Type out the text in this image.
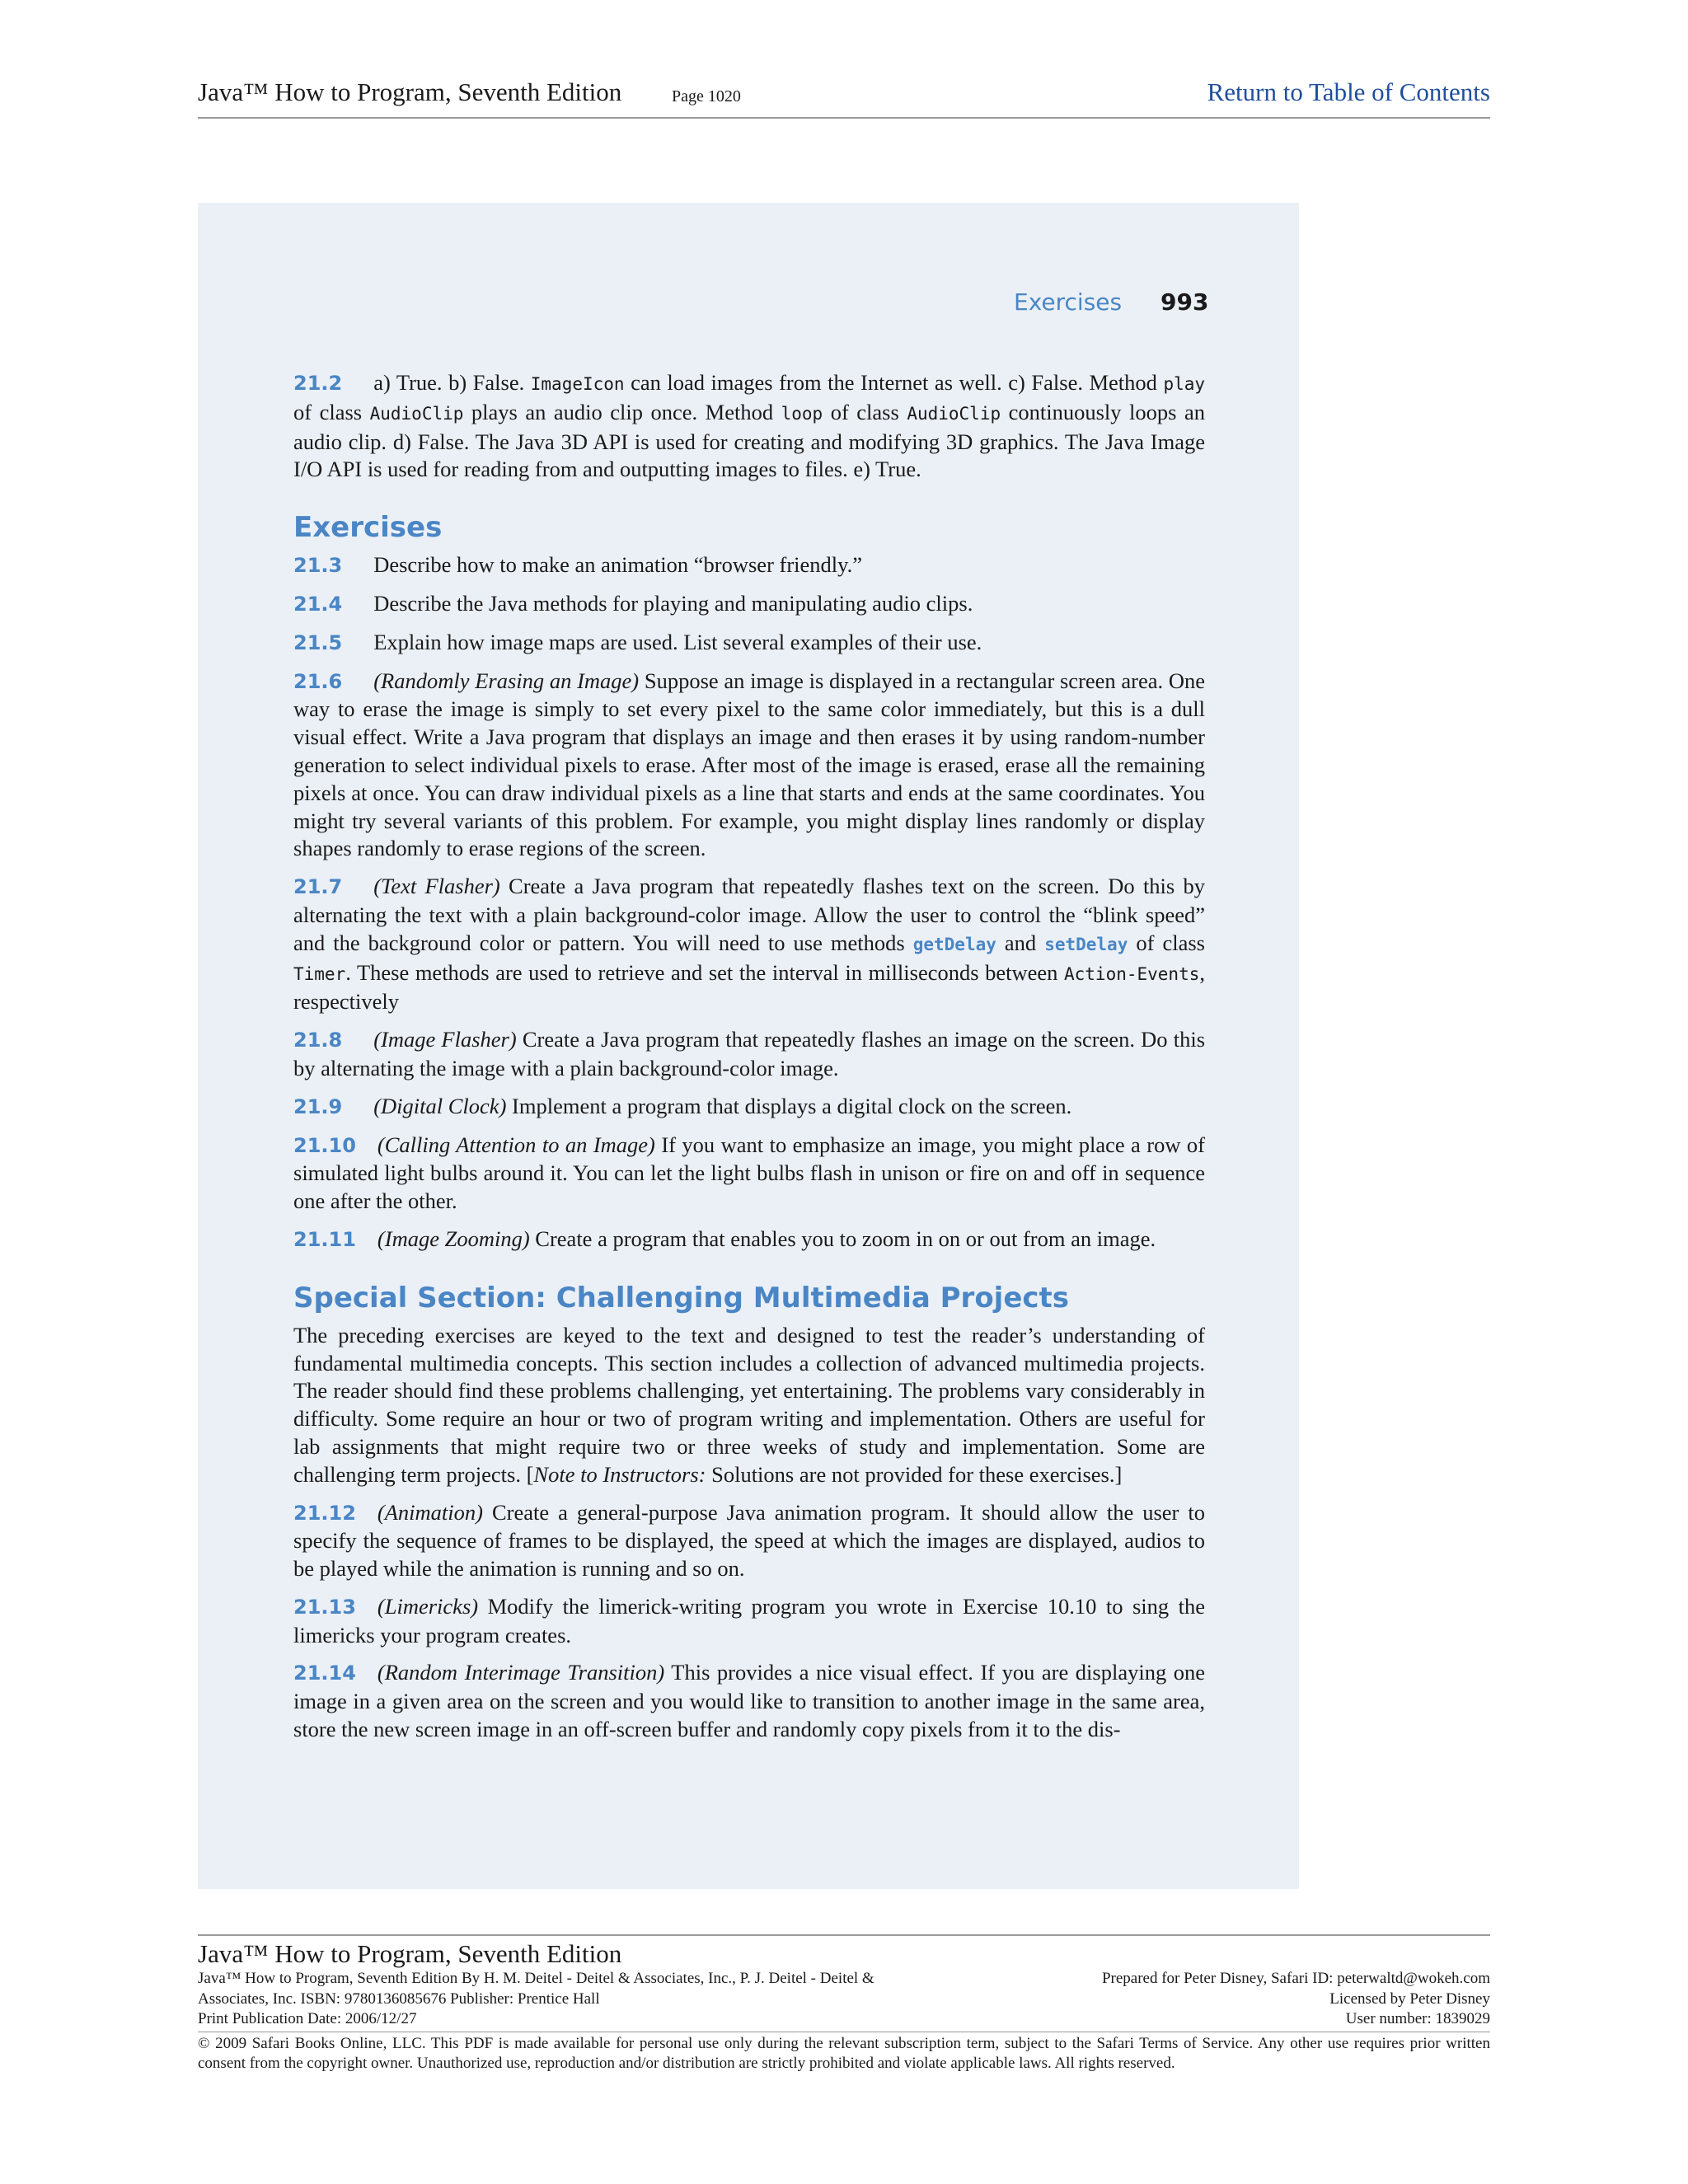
Java™ How to Program, Seventh Edition	Page 1020	Return to Table of Contents
Exercises 993

21.2 a) True. b) False. ImageIcon can load images from the Internet as well. c) False. Method play of class AudioClip plays an audio clip once. Method loop of class AudioClip continuously loops an audio clip. d) False. The Java 3D API is used for creating and modifying 3D graphics. The Java Image I/O API is used for reading from and outputting images to files. e) True.

Exercises

21.3 Describe how to make an animation “browser friendly.”

21.4 Describe the Java methods for playing and manipulating audio clips.

21.5 Explain how image maps are used. List several examples of their use.

21.6 (Randomly Erasing an Image) Suppose an image is displayed in a rectangular screen area. One way to erase the image is simply to set every pixel to the same color immediately, but this is a dull visual effect. Write a Java program that displays an image and then erases it by using random-number generation to select individual pixels to erase. After most of the image is erased, erase all the remaining pixels at once. You can draw individual pixels as a line that starts and ends at the same coordinates. You might try several variants of this problem. For example, you might display lines randomly or display shapes randomly to erase regions of the screen.

21.7 (Text Flasher) Create a Java program that repeatedly flashes text on the screen. Do this by alternating the text with a plain background-color image. Allow the user to control the “blink speed” and the background color or pattern. You will need to use methods getDelay and setDelay of class Timer. These methods are used to retrieve and set the interval in milliseconds between Action-Events, respectively

21.8 (Image Flasher) Create a Java program that repeatedly flashes an image on the screen. Do this by alternating the image with a plain background-color image.

21.9 (Digital Clock) Implement a program that displays a digital clock on the screen.

21.10 (Calling Attention to an Image) If you want to emphasize an image, you might place a row of simulated light bulbs around it. You can let the light bulbs flash in unison or fire on and off in sequence one after the other.

21.11 (Image Zooming) Create a program that enables you to zoom in on or out from an image.

Special Section: Challenging Multimedia Projects

The preceding exercises are keyed to the text and designed to test the reader’s understanding of fundamental multimedia concepts. This section includes a collection of advanced multimedia projects. The reader should find these problems challenging, yet entertaining. The problems vary considerably in difficulty. Some require an hour or two of program writing and implementation. Others are useful for lab assignments that might require two or three weeks of study and implementation. Some are challenging term projects. [Note to Instructors: Solutions are not provided for these exercises.]

21.12 (Animation) Create a general-purpose Java animation program. It should allow the user to specify the sequence of frames to be displayed, the speed at which the images are displayed, audios to be played while the animation is running and so on.

21.13 (Limericks) Modify the limerick-writing program you wrote in Exercise 10.10 to sing the limericks your program creates.

21.14 (Random Interimage Transition) This provides a nice visual effect. If you are displaying one image in a given area on the screen and you would like to transition to another image in the same area, store the new screen image in an off-screen buffer and randomly copy pixels from it to the dis-

Java™ How to Program, Seventh Edition
Java™ How to Program, Seventh Edition By H. M. Deitel - Deitel & Associates, Inc., P. J. Deitel - Deitel & Associates, Inc. ISBN: 9780136085676 Publisher: Prentice Hall
Print Publication Date: 2006/12/27
Prepared for Peter Disney, Safari ID: peterwaltd@wokeh.com
Licensed by Peter Disney
User number: 1839029
© 2009 Safari Books Online, LLC. This PDF is made available for personal use only during the relevant subscription term, subject to the Safari Terms of Service. Any other use requires prior written consent from the copyright owner. Unauthorized use, reproduction and/or distribution are strictly prohibited and violate applicable laws. All rights reserved.
